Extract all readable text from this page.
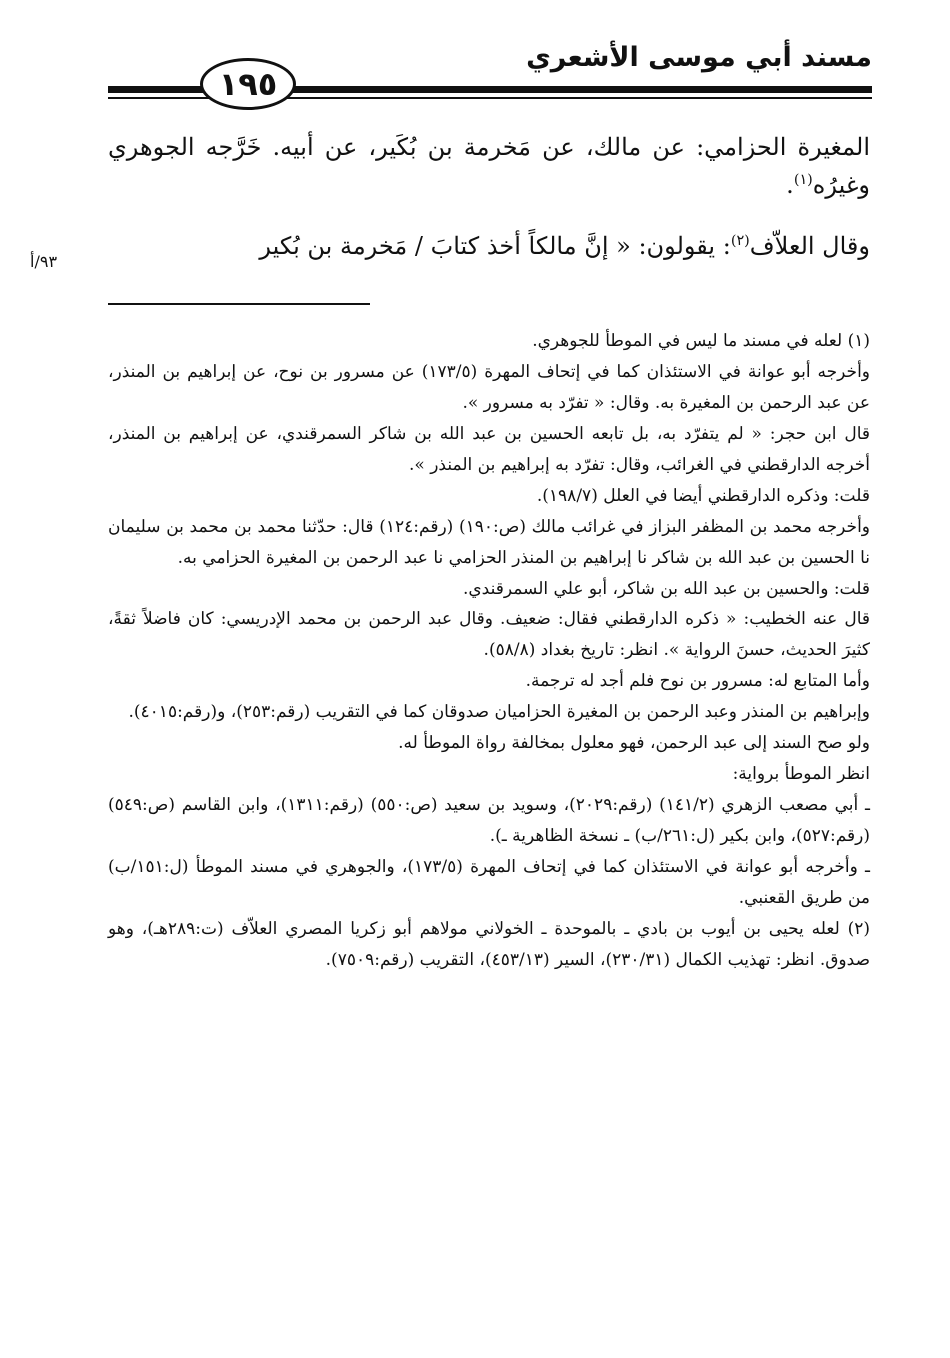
مسند أبي موسى الأشعري
١٩٥

المغيرة الحزامي: عن مالك، عن مَخرمة بن بُكَير، عن أبيه. خَرَّجه الجوهري وغيرُه$^{(١)}$.

وقال العلاّف$^{(٢)}$: يقولون: « إنَّ مالكاً أخذ كتابَ / مَخرمة بن بُكير

٩٣/أ

(١) لعله في مسند ما ليس في الموطأ للجوهري.

وأخرجه أبو عوانة في الاستئذان كما في إتحاف المهرة (١٧٣/٥) عن مسرور بن نوح، عن إبراهيم بن المنذر، عن عبد الرحمن بن المغيرة به. وقال: « تفرّد به مسرور ».

قال ابن حجر: « لم يتفرّد به، بل تابعه الحسين بن عبد الله بن شاكر السمرقندي، عن إبراهيم بن المنذر، أخرجه الدارقطني في الغرائب، وقال: تفرّد به إبراهيم بن المنذر ».

قلت: وذكره الدارقطني أيضا في العلل (١٩٨/٧).

وأخرجه محمد بن المظفر البزاز في غرائب مالك (ص:١٩٠) (رقم:١٢٤) قال: حدّثنا محمد بن محمد بن سليمان نا الحسين بن عبد الله بن شاكر نا إبراهيم بن المنذر الحزامي نا عبد الرحمن بن المغيرة الحزامي به.

قلت: والحسين بن عبد الله بن شاكر، أبو علي السمرقندي.

قال عنه الخطيب: « ذكره الدارقطني فقال: ضعيف. وقال عبد الرحمن بن محمد الإدريسي: كان فاضلاً ثقةً، كثيرَ الحديث، حسنَ الرواية ». انظر: تاريخ بغداد (٥٨/٨).

وأما المتابع له: مسرور بن نوح فلم أجد له ترجمة.

وإبراهيم بن المنذر وعبد الرحمن بن المغيرة الحزاميان صدوقان كما في التقريب (رقم:٢٥٣)، و(رقم:٤٠١٥).

ولو صح السند إلى عبد الرحمن، فهو معلول بمخالفة رواة الموطأ له.

انظر الموطأ برواية:

ـ أبي مصعب الزهري (١٤١/٢) (رقم:٢٠٢٩)، وسويد بن سعيد (ص:٥٥٠) (رقم:١٣١١)، وابن القاسم (ص:٥٤٩) (رقم:٥٢٧)، وابن بكير (ل:٢٦١/ب) ـ نسخة الظاهرية ـ).

ـ وأخرجه أبو عوانة في الاستئذان كما في إتحاف المهرة (١٧٣/٥)، والجوهري في مسند الموطأ (ل:١٥١/ب) من طريق القعنبي.

(٢) لعله يحيى بن أيوب بن بادي ـ بالموحدة ـ الخولاني مولاهم أبو زكريا المصري العلاّف (ت:٢٨٩هـ)، وهو صدوق. انظر: تهذيب الكمال (٢٣٠/٣١)، السير (٤٥٣/١٣)، التقريب (رقم:٧٥٠٩).
